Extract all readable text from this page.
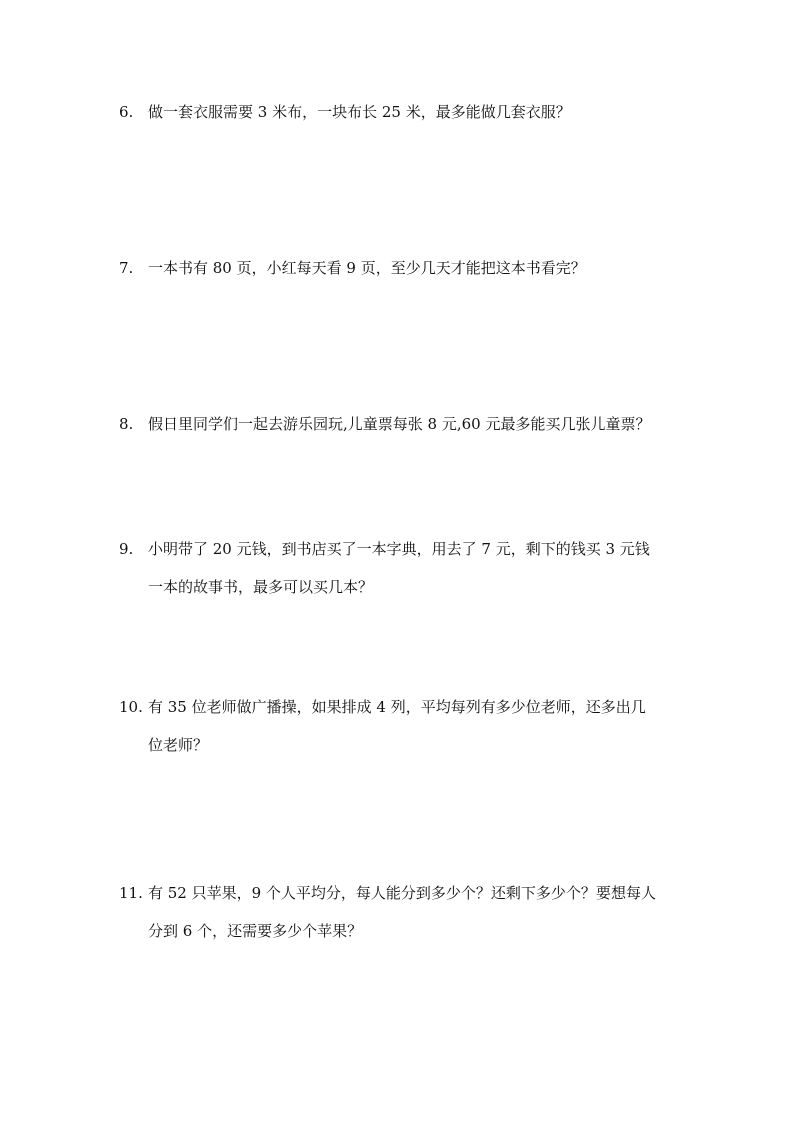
6. 做一套衣服需要 3 米布，一块布长 25 米，最多能做几套衣服？
7. 一本书有 80 页，小红每天看 9 页，至少几天才能把这本书看完？
8. 假日里同学们一起去游乐园玩,儿童票每张 8 元,60 元最多能买几张儿童票？
9. 小明带了 20 元钱，到书店买了一本字典，用去了 7 元，剩下的钱买 3 元钱
一本的故事书，最多可以买几本？
10. 有 35 位老师做广播操，如果排成 4 列，平均每列有多少位老师，还多出几
位老师？
11. 有 52 只苹果，9 个人平均分，每人能分到多少个？还剩下多少个？要想每人
分到 6 个，还需要多少个苹果？
